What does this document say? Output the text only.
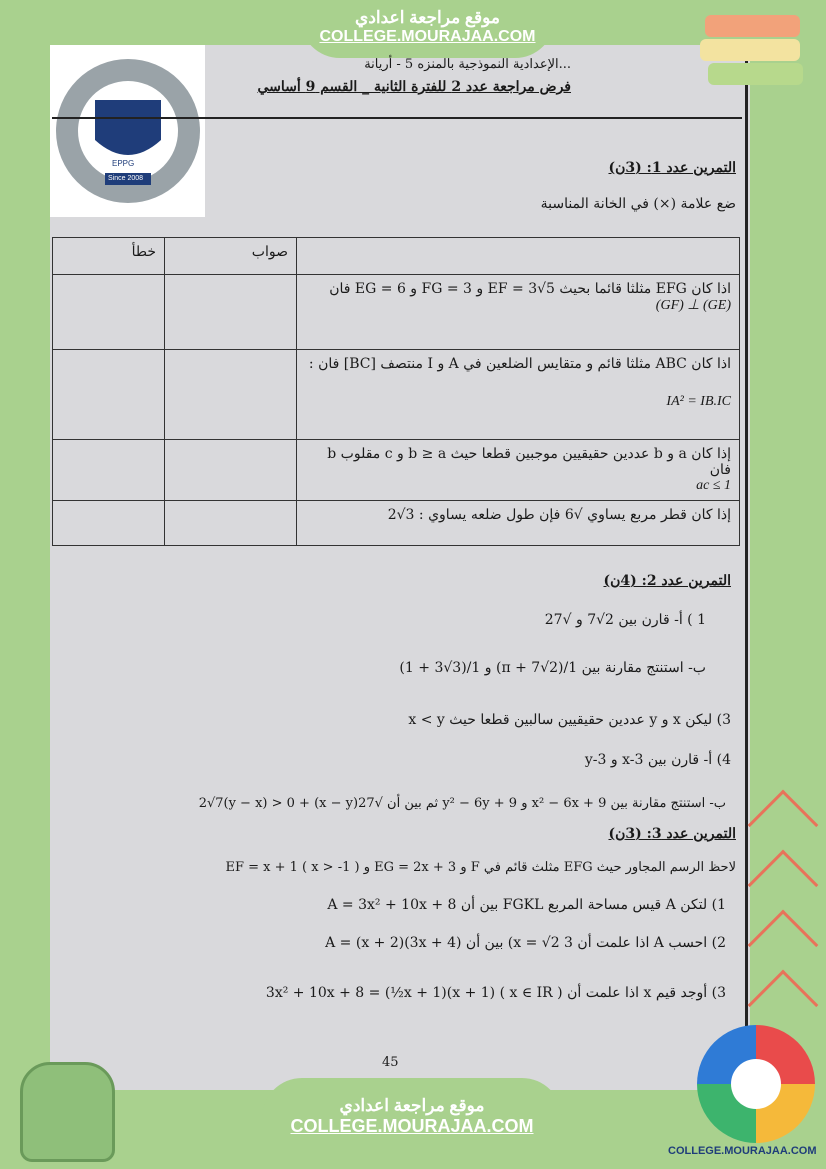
موقع مراجعة اعدادي
COLLEGE.MOURAJAA.COM
EPPG
Since 2008
...الإعدادية النموذجية بالمنزه 5 - أريانة
فرض مراجعة عدد 2 للفترة الثانية _ القسم 9 أساسي
التمرين عدد 1: (3ن)
ضع علامة (×) في الخانة المناسبة
	صواب	خطأ

اذا كان EFG مثلثا قائما بحيث EF = 3√5 و FG = 3 و EG = 6 فان
(GE) ⊥ (GF)		

اذا كان ABC مثلثا قائم و متقايس الضلعين في A و I منتصف [BC] فان :
IA² = IB.IC		

إذا كان a و b عددين حقيقيين موجبين قطعا حيث b ≥ a و c مقلوب b فان
1 ≥ ac		

إذا كان قطر مربع يساوي √6 فإن طول ضلعه يساوي : 3√2		

التمرين عدد 2: (4ن)
1 ) أ- قارن بين 2√7 و √27
ب- استنتج مقارنة بين 1/(2√7 + π) و 1/(3√3 + 1)
3) لیکن x و y عددين حقيقيين سالبين قطعا حيث x < y
4) أ- قارن بين x-3 و y-3
ب- استنتج مقارنة بين x² − 6x + 9 و y² − 6y + 9 ثم بين أن √27(x − y) + 2√7(y − x) > 0
التمرين عدد 3: (3ن)
لاحظ الرسم المجاور حيث EFG مثلث قائم في F و EG = 2x + 3 و EF = x + 1 ( x > -1 )
1) لتكن A قيس مساحة المربع FGKL بين أن A = 3x² + 10x + 8
2) احسب A اذا علمت أن x = √2 3) بين أن A = (x + 2)(3x + 4)
3) أوجد قيم x اذا علمت أن 3x² + 10x + 8 = (½x + 1)(x + 1) ( x ∈ IR )
45
COLLEGE.MOURAJAA.COM
موقع مراجعة اعدادي
COLLEGE.MOURAJAA.COM
